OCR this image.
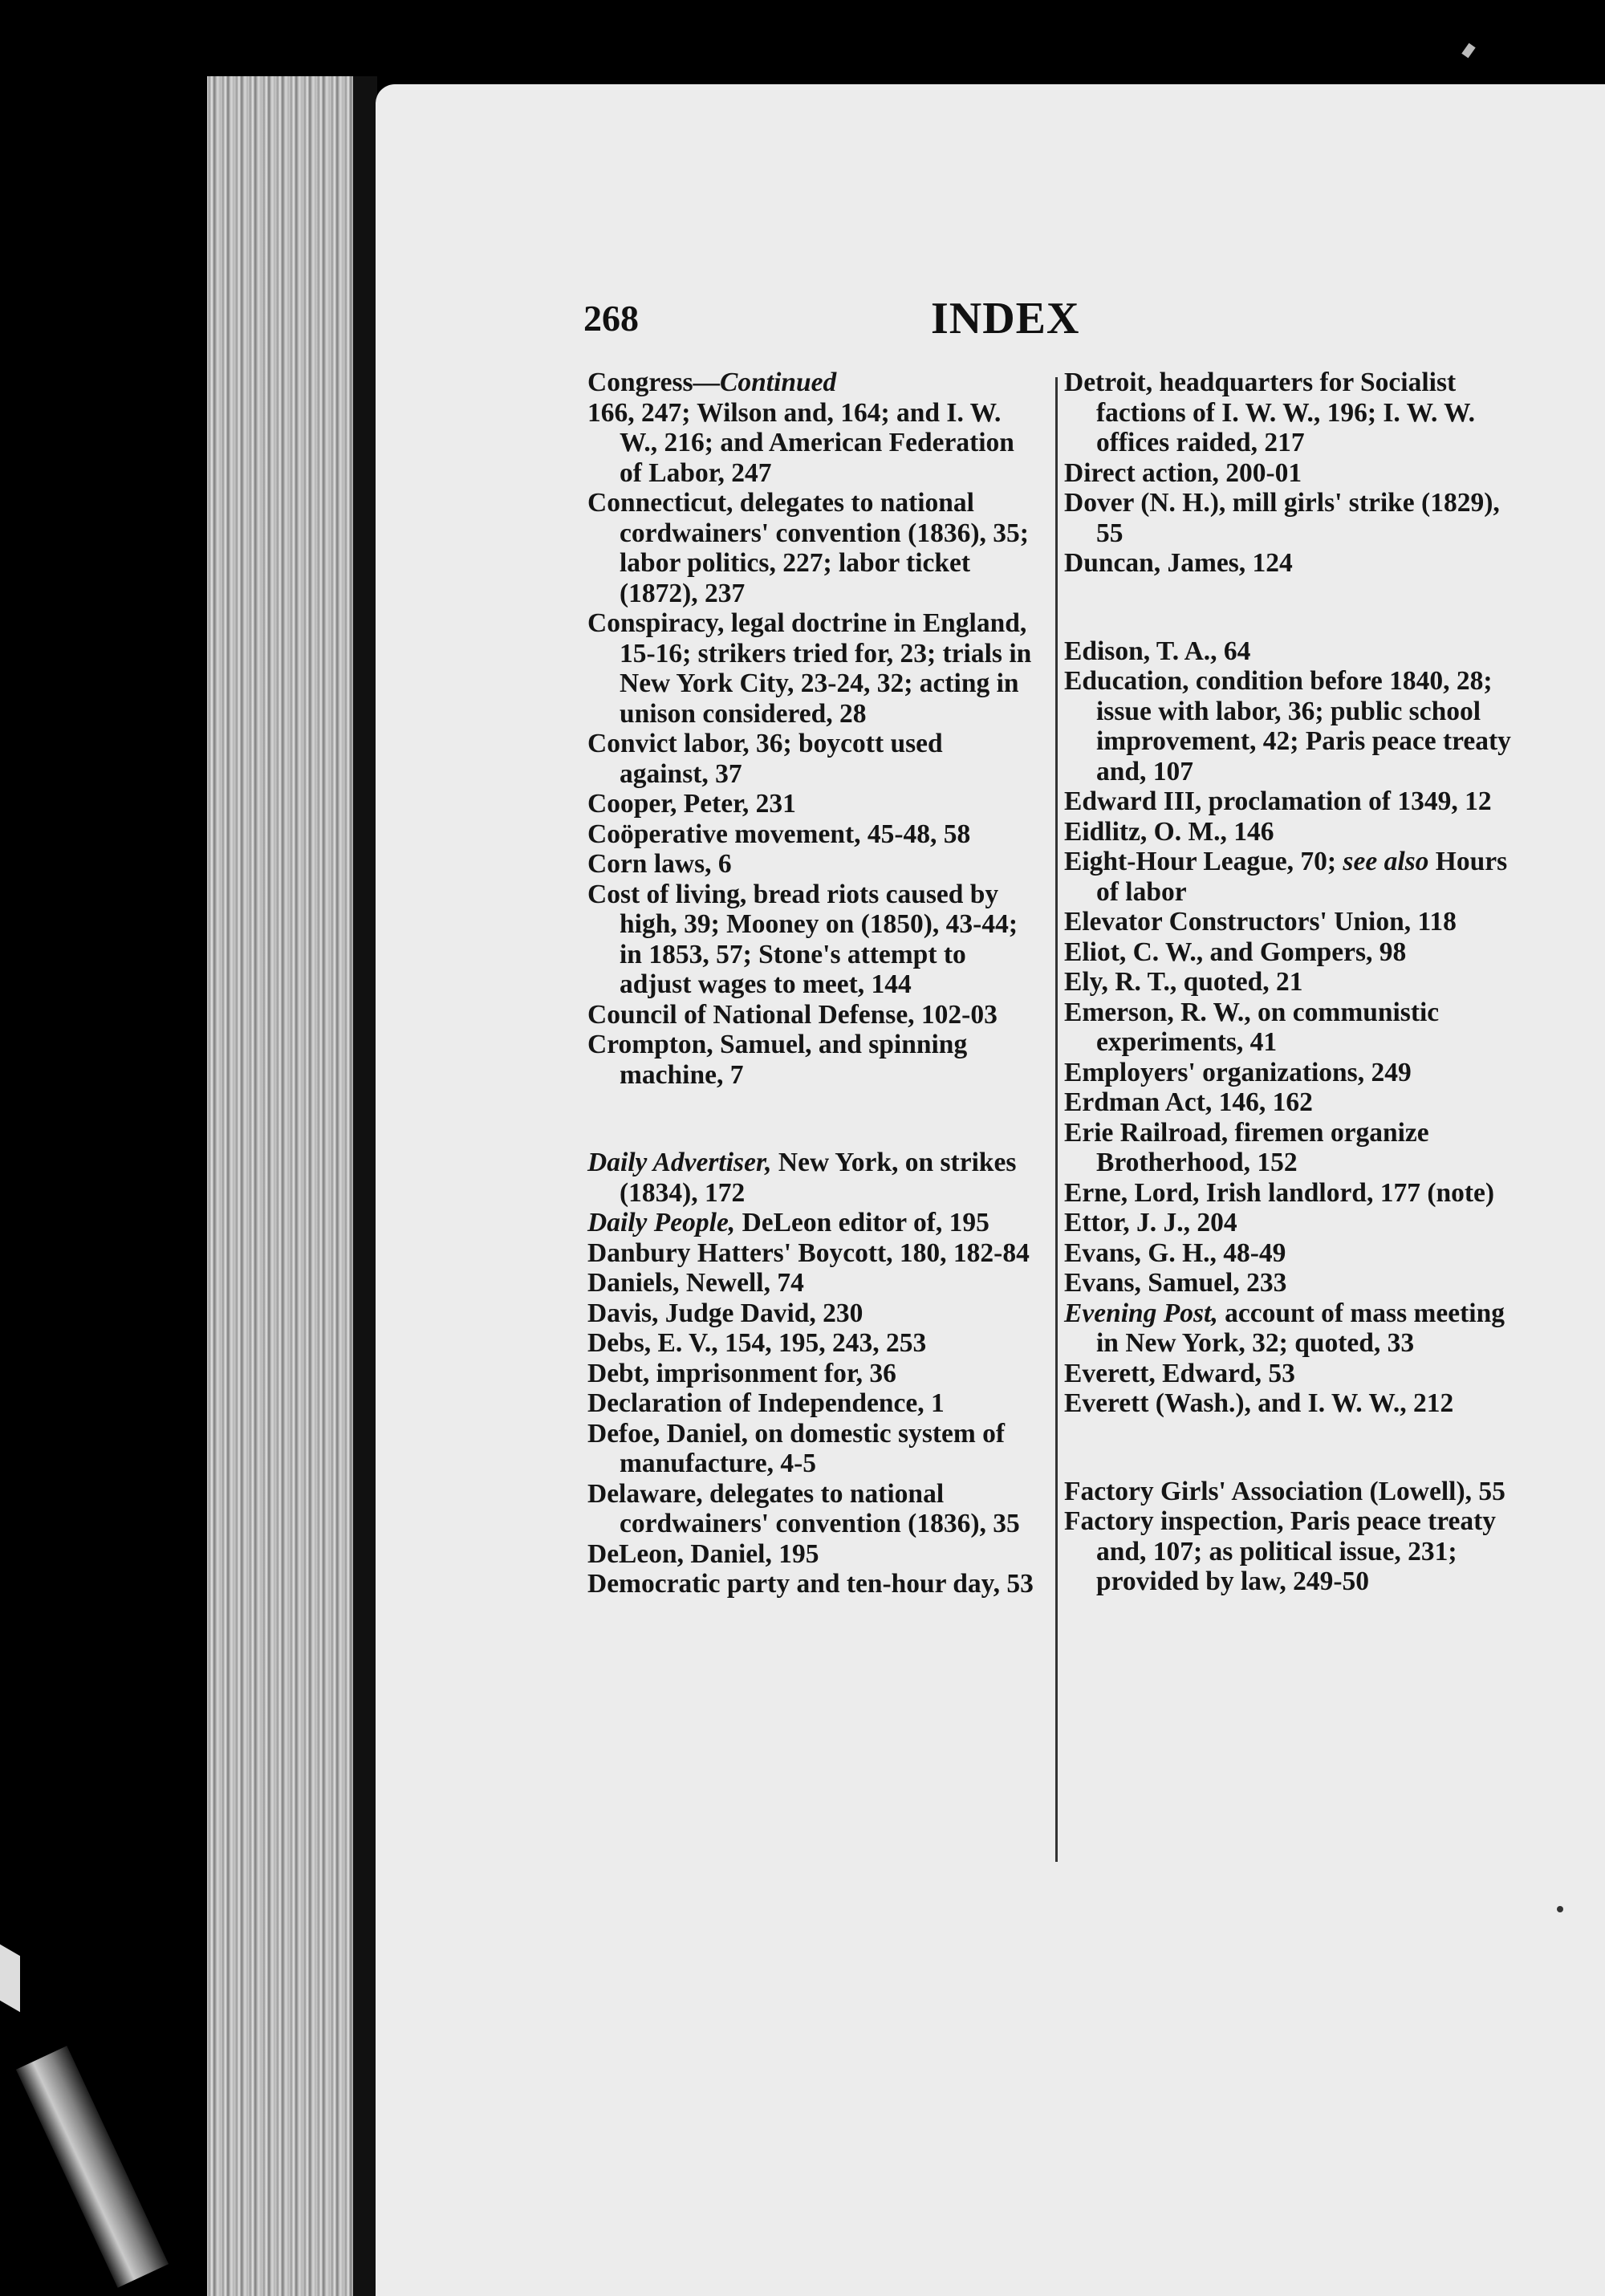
268	INDEX

Congress—Continued

166, 247; Wilson and, 164; and I. W. W., 216; and American Federation of Labor, 247

Connecticut, delegates to national cordwainers' convention (1836), 35; labor politics, 227; labor ticket (1872), 237

Conspiracy, legal doctrine in England, 15-16; strikers tried for, 23; trials in New York City, 23-24, 32; acting in unison considered, 28

Convict labor, 36; boycott used against, 37

Cooper, Peter, 231

Coöperative movement, 45-48, 58

Corn laws, 6

Cost of living, bread riots caused by high, 39; Mooney on (1850), 43-44; in 1853, 57; Stone's attempt to adjust wages to meet, 144

Council of National Defense, 102-03

Crompton, Samuel, and spinning machine, 7

Daily Advertiser, New York, on strikes (1834), 172

Daily People, DeLeon editor of, 195

Danbury Hatters' Boycott, 180, 182-84

Daniels, Newell, 74

Davis, Judge David, 230

Debs, E. V., 154, 195, 243, 253

Debt, imprisonment for, 36

Declaration of Independence, 1

Defoe, Daniel, on domestic system of manufacture, 4-5

Delaware, delegates to national cordwainers' convention (1836), 35

DeLeon, Daniel, 195

Democratic party and ten-hour day, 53

Detroit, headquarters for Socialist factions of I. W. W., 196; I. W. W. offices raided, 217

Direct action, 200-01

Dover (N. H.), mill girls' strike (1829), 55

Duncan, James, 124

Edison, T. A., 64

Education, condition before 1840, 28; issue with labor, 36; public school improvement, 42; Paris peace treaty and, 107

Edward III, proclamation of 1349, 12

Eidlitz, O. M., 146

Eight-Hour League, 70; see also Hours of labor

Elevator Constructors' Union, 118

Eliot, C. W., and Gompers, 98

Ely, R. T., quoted, 21

Emerson, R. W., on communistic experiments, 41

Employers' organizations, 249

Erdman Act, 146, 162

Erie Railroad, firemen organize Brotherhood, 152

Erne, Lord, Irish landlord, 177 (note)

Ettor, J. J., 204

Evans, G. H., 48-49

Evans, Samuel, 233

Evening Post, account of mass meeting in New York, 32; quoted, 33

Everett, Edward, 53

Everett (Wash.), and I. W. W., 212

Factory Girls' Association (Lowell), 55

Factory inspection, Paris peace treaty and, 107; as political issue, 231; provided by law, 249-50
